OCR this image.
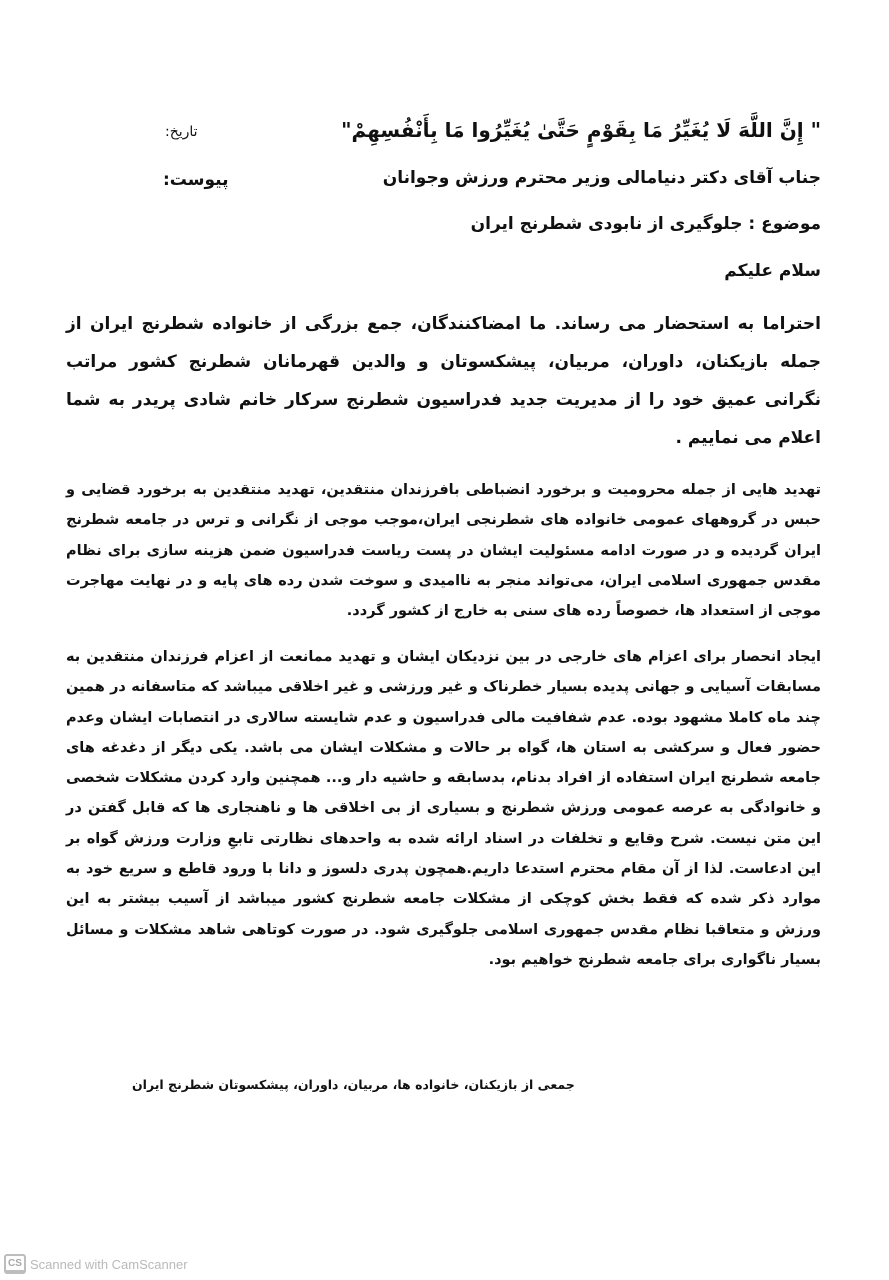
" إِنَّ اللَّهَ لَا يُغَيِّرُ مَا بِقَوْمٍ حَتَّىٰ يُغَيِّرُوا مَا بِأَنْفُسِهِمْ"
تاریخ:
جناب آقای دکتر دنیامالی وزیر محترم ورزش وجوانان
پیوست:
موضوع : جلوگیری از نابودی شطرنج ایران
سلام علیکم
احتراما به استحضار می رساند. ما امضاکنندگان، جمع بزرگی از خانواده شطرنج ایران از جمله بازیکنان، داوران، مربیان، پیشکسوتان و والدین قهرمانان شطرنج کشور مراتب نگرانی عمیق خود را از مدیریت جدید فدراسیون شطرنج سرکار خانم شادی پریدر به شما اعلام می نماییم .
تهدید هایی از جمله محرومیت و برخورد انضباطی بافرزندان منتقدین، تهدید منتقدین به برخورد قضایی و حبس در گروههای عمومی خانواده های شطرنجی ایران،موجب موجی از نگرانی و ترس در جامعه شطرنج ایران گردیده و در صورت ادامه مسئولیت ایشان در پست ریاست فدراسیون ضمن هزینه سازی برای نظام مقدس جمهوری اسلامی ایران، می‌تواند منجر به ناامیدی و سوخت شدن رده های پایه و در نهایت مهاجرت موجی از استعداد ها، خصوصاً رده های سنی به خارج از کشور گردد.
ایجاد انحصار برای اعزام های خارجی در بین نزدیکان ایشان و تهدید ممانعت از اعزام فرزندان منتقدین به مسابقات آسیایی و جهانی پدیده بسیار خطرناک و غیر ورزشی و غیر اخلاقی میباشد که متاسفانه در همین چند ماه کاملا مشهود بوده. عدم شفافیت مالی فدراسیون و عدم شایسته سالاری در انتصابات ایشان وعدم حضور فعال و سرکشی به استان ها، گواه بر حالات و مشکلات ایشان می باشد. یکی دیگر از دغدغه های جامعه شطرنج ایران استفاده از افراد بدنام، بدسابقه و حاشیه دار و... همچنین وارد کردن مشکلات شخصی و خانوادگی به عرصه عمومی ورزش شطرنج و بسیاری از بی اخلاقی ها و ناهنجاری ها که قابل گفتن در این متن نیست. شرح وقایع و تخلفات در اسناد ارائه شده به واحدهای نظارتی تابعِ وزارت ورزش گواه بر این ادعاست. لذا از آن مقام محترم استدعا داریم.همچون پدری دلسوز و دانا با ورود قاطع و سریع خود به موارد ذکر شده که فقط بخش کوچکی از مشکلات جامعه شطرنج کشور میباشد از آسیب بیشتر به این ورزش و متعاقبا نظام مقدس جمهوری اسلامی جلوگیری شود. در صورت کوتاهی شاهد مشکلات و مسائل بسیار ناگواری برای جامعه شطرنج خواهیم بود.
جمعی از بازیکنان، خانواده ها، مربیان، داوران، پیشکسوتان شطرنج ایران
CS Scanned with CamScanner
